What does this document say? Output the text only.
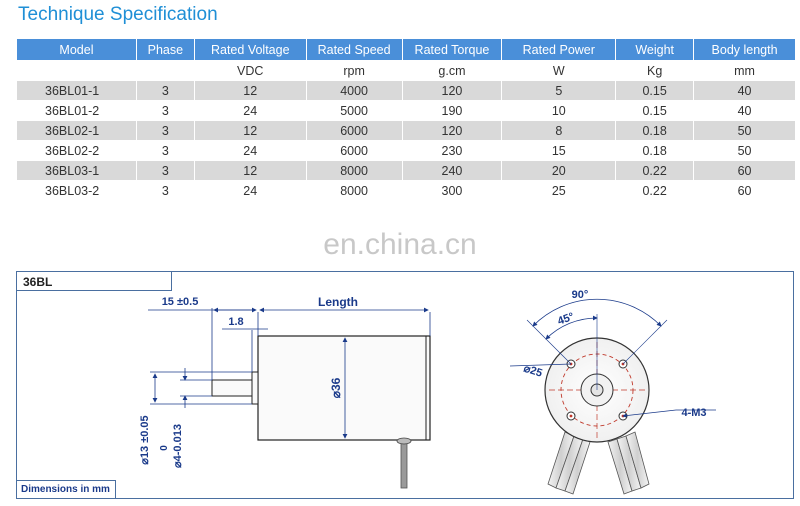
Technique Specification
Model	Phase	Rated Voltage	Rated Speed	Rated Torque	Rated Power	Weight	Body length
		VDC	rpm	g.cm	W	Kg	mm
36BL01-1	3	12	4000	120	5	0.15	40
36BL01-2	3	24	5000	190	10	0.15	40
36BL02-1	3	12	6000	120	8	0.18	50
36BL02-2	3	24	6000	230	15	0.18	50
36BL03-1	3	12	8000	240	20	0.22	60
36BL03-2	3	24	8000	300	25	0.22	60
en.china.cn
Length
15 ±0.5
1.8
⌀36
⌀13 ±0.05 0 ⌀4-0.013
90°
45°
⌀25
4-M3
36BL
Dimensions in mm
